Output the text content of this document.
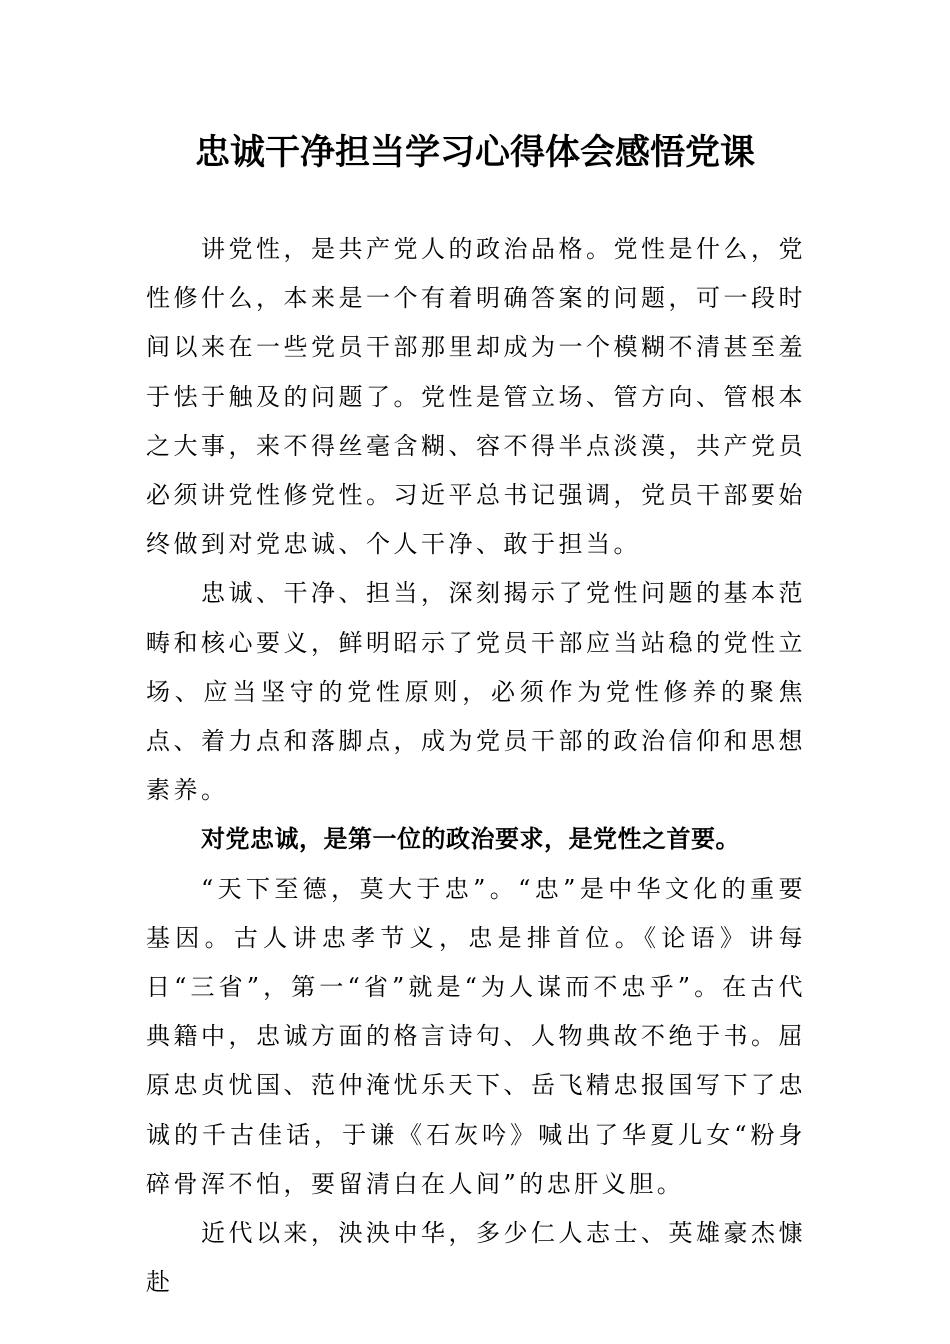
忠诚干净担当学习心得体会感悟党课

讲党性，是共产党人的政治品格。党性是什么，党性修什么，本来是一个有着明确答案的问题，可一段时间以来在一些党员干部那里却成为一个模糊不清甚至羞于怯于触及的问题了。党性是管立场、管方向、管根本之大事，来不得丝毫含糊、容不得半点淡漠，共产党员必须讲党性修党性。习近平总书记强调，党员干部要始终做到对党忠诚、个人干净、敢于担当。

忠诚、干净、担当，深刻揭示了党性问题的基本范畴和核心要义，鲜明昭示了党员干部应当站稳的党性立场、应当坚守的党性原则，必须作为党性修养的聚焦点、着力点和落脚点，成为党员干部的政治信仰和思想素养。

对党忠诚，是第一位的政治要求，是党性之首要。

“天下至德，莫大于忠”。“忠”是中华文化的重要基因。古人讲忠孝节义，忠是排首位。《论语》讲每日“三省”，第一“省”就是“为人谋而不忠乎”。在古代典籍中，忠诚方面的格言诗句、人物典故不绝于书。屈原忠贞忧国、范仲淹忧乐天下、岳飞精忠报国写下了忠诚的千古佳话，于谦《石灰吟》喊出了华夏儿女“粉身碎骨浑不怕，要留清白在人间”的忠肝义胆。

近代以来，泱泱中华，多少仁人志士、英雄豪杰慷赴
